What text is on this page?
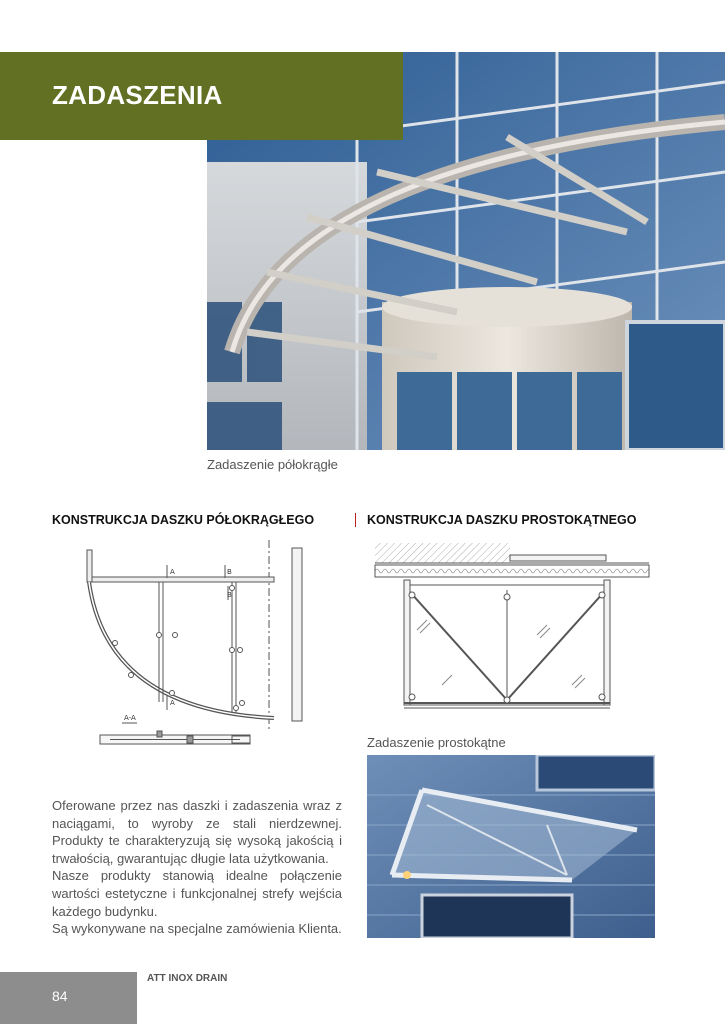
ZADASZENIA
Zadaszenie półokrągłe
KONSTRUKCJA DASZKU PÓŁOKRĄGŁEGO	KONSTRUKCJA DASZKU PROSTOKĄTNEGO
A	B
B
A
A-A
Zadaszenie prostokątne

Oferowane przez nas daszki i zadaszenia wraz z naciągami, to wyroby ze stali nierdzewnej. Produkty te charakteryzują się wysoką jakością i trwałością, gwarantując długie lata użytkowania.

Nasze produkty stanowią idealne połączenie wartości estetyczne i funkcjonalnej strefy wejścia każdego budynku.

Są wykonywane na specjalne zamówienia Klienta.

84
ATT INOX DRAIN
